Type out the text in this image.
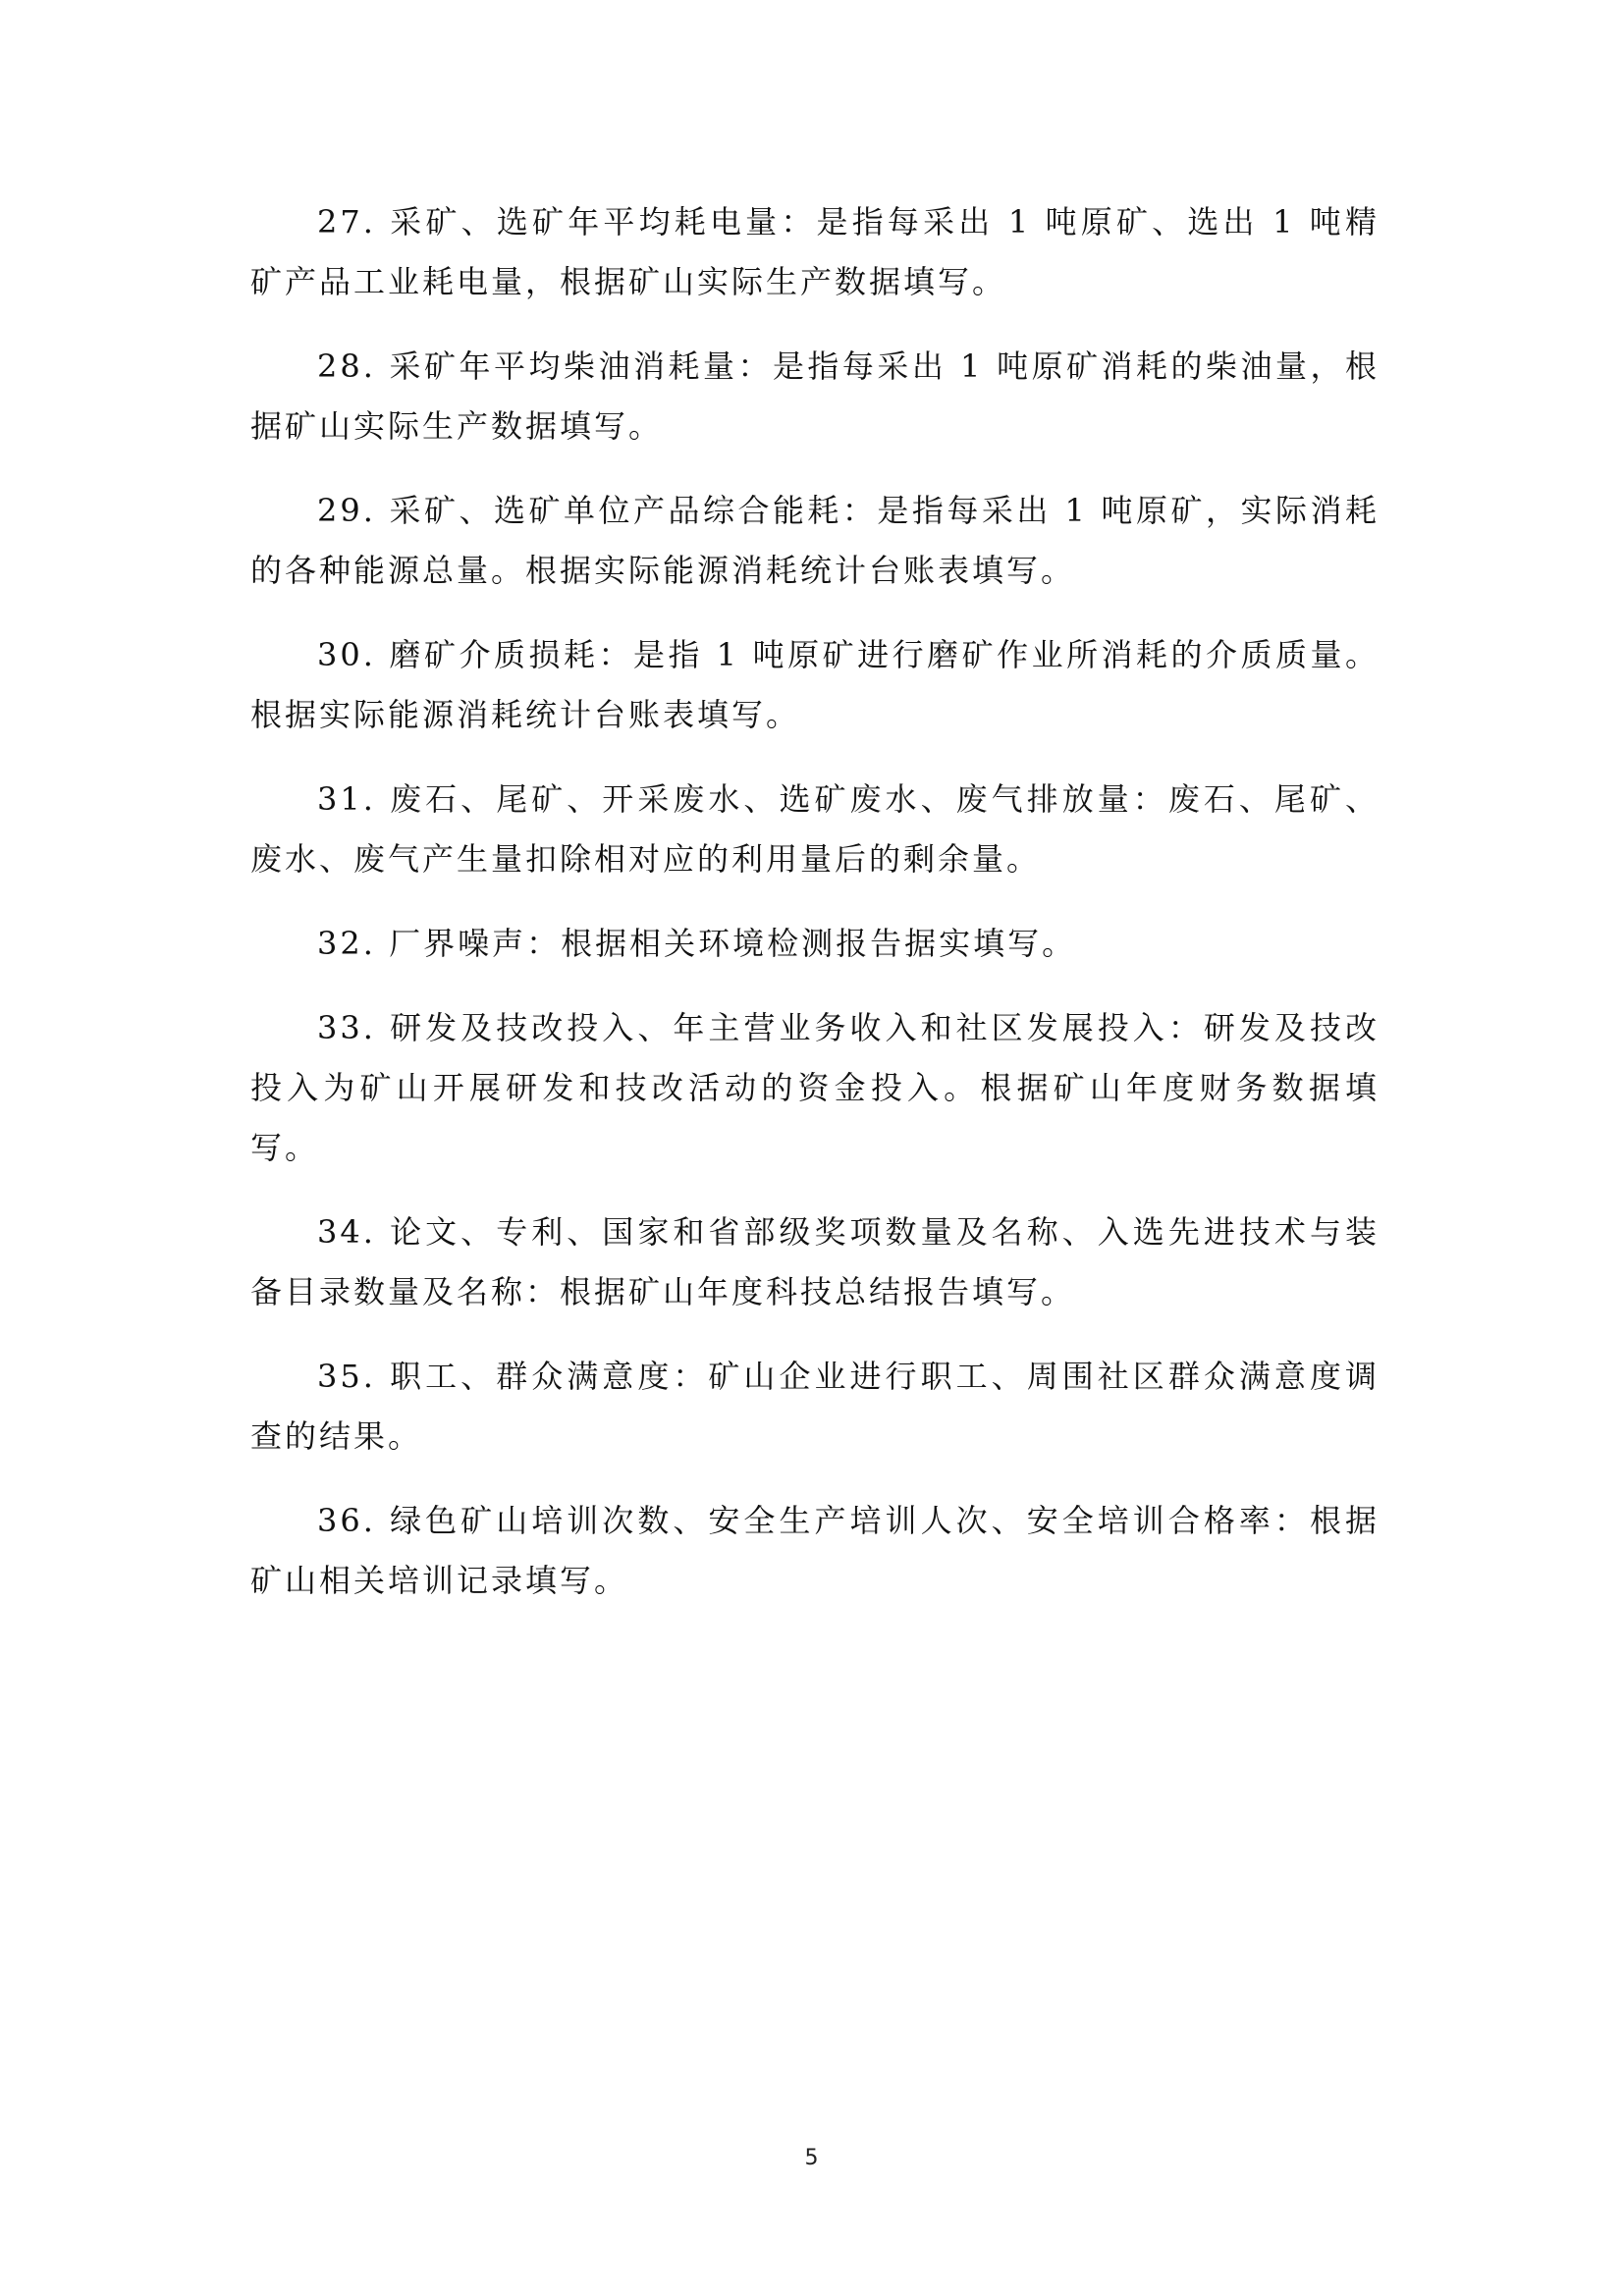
27. 采矿、选矿年平均耗电量：是指每采出 1 吨原矿、选出 1 吨精矿产品工业耗电量，根据矿山实际生产数据填写。

28. 采矿年平均柴油消耗量：是指每采出 1 吨原矿消耗的柴油量，根据矿山实际生产数据填写。

29. 采矿、选矿单位产品综合能耗：是指每采出 1 吨原矿，实际消耗的各种能源总量。根据实际能源消耗统计台账表填写。

30. 磨矿介质损耗：是指 1 吨原矿进行磨矿作业所消耗的介质质量。根据实际能源消耗统计台账表填写。

31. 废石、尾矿、开采废水、选矿废水、废气排放量：废石、尾矿、废水、废气产生量扣除相对应的利用量后的剩余量。

32. 厂界噪声：根据相关环境检测报告据实填写。

33. 研发及技改投入、年主营业务收入和社区发展投入：研发及技改投入为矿山开展研发和技改活动的资金投入。根据矿山年度财务数据填写。

34. 论文、专利、国家和省部级奖项数量及名称、入选先进技术与装备目录数量及名称：根据矿山年度科技总结报告填写。

35. 职工、群众满意度：矿山企业进行职工、周围社区群众满意度调查的结果。

36. 绿色矿山培训次数、安全生产培训人次、安全培训合格率：根据矿山相关培训记录填写。

5
